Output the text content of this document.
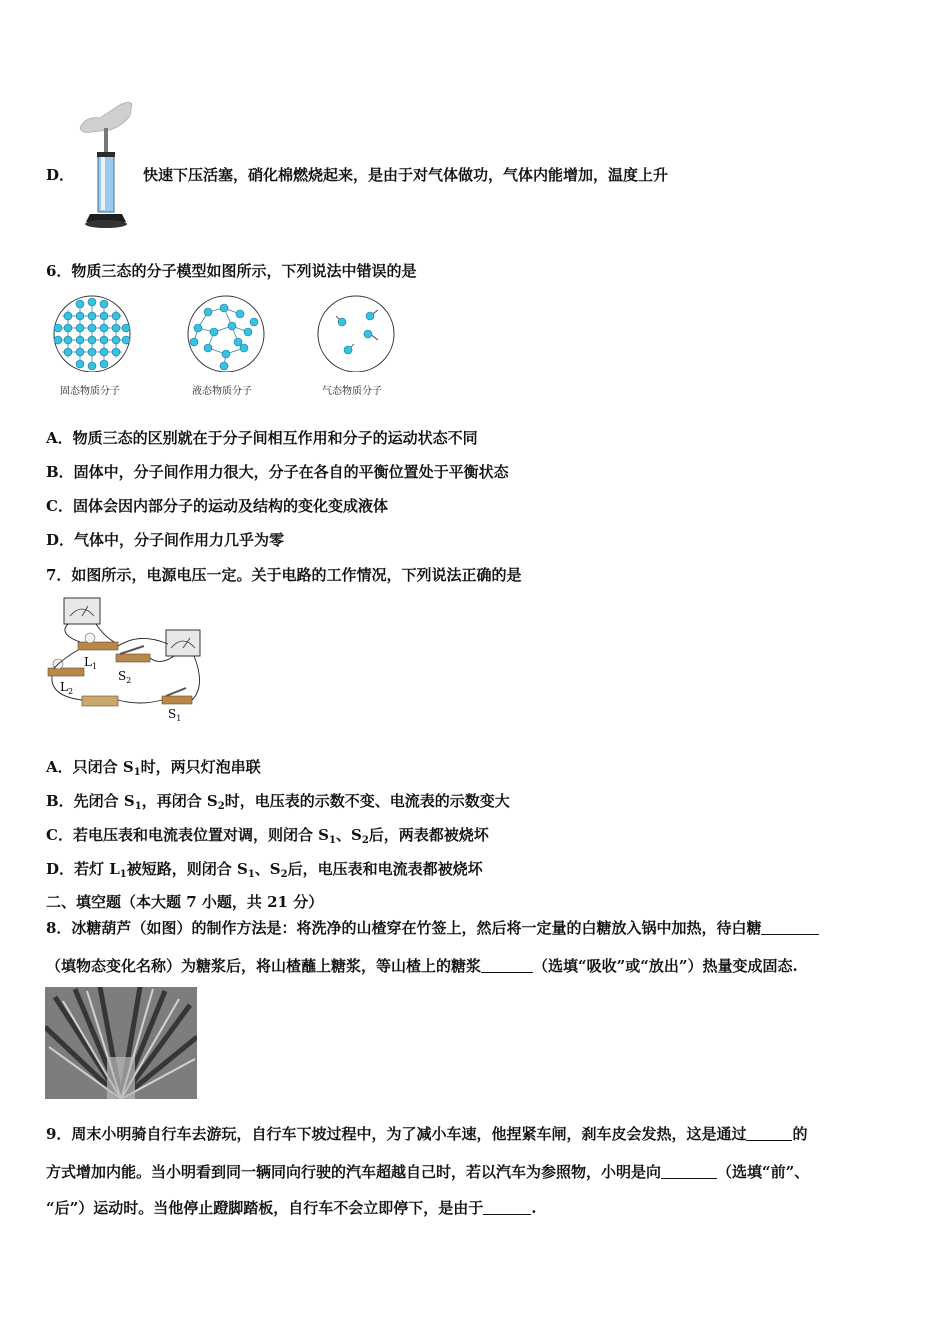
D．	快速下压活塞，硝化棉燃烧起来，是由于对气体做功，气体内能增加，温度上升
6．物质三态的分子模型如图所示，下列说法中错误的是
固态物质分子	液态物质分子	气态物质分子
A．物质三态的区别就在于分子间相互作用和分子的运动状态不同
B．固体中，分子间作用力很大，分子在各自的平衡位置处于平衡状态
C．固体会因内部分子的运动及结构的变化变成液体
D．气体中，分子间作用力几乎为零
7．如图所示，电源电压一定。关于电路的工作情况，下列说法正确的是
$L_1$
$S_2$
$L_2$
$S_1$
A．只闭合 $S_1$时，两只灯泡串联
B．先闭合 $S_1$，再闭合 $S_2$时，电压表的示数不变、电流表的示数变大
C．若电压表和电流表位置对调，则闭合 $S_1$、$S_2$后，两表都被烧坏
D．若灯 $L_1$被短路，则闭合 $S_1$、$S_2$后，电压表和电流表都被烧坏
二、填空题（本大题 7 小题，共 21 分）
8．冰糖葫芦（如图）的制作方法是：将洗净的山楂穿在竹签上，然后将一定量的白糖放入锅中加热，待白糖
（填物态变化名称）为糖浆后，将山楂蘸上糖浆，等山楂上的糖浆	（选填“吸收”或“放出”）热量变成固态.
9．周末小明骑自行车去游玩，自行车下坡过程中，为了减小车速，他捏紧车闸，刹车皮会发热，这是通过	的
方式增加内能。当小明看到同一辆同向行驶的汽车超越自己时，若以汽车为参照物，小明是向	（选填“前”、
“后”）运动时。当他停止蹬脚踏板，自行车不会立即停下，是由于	.
